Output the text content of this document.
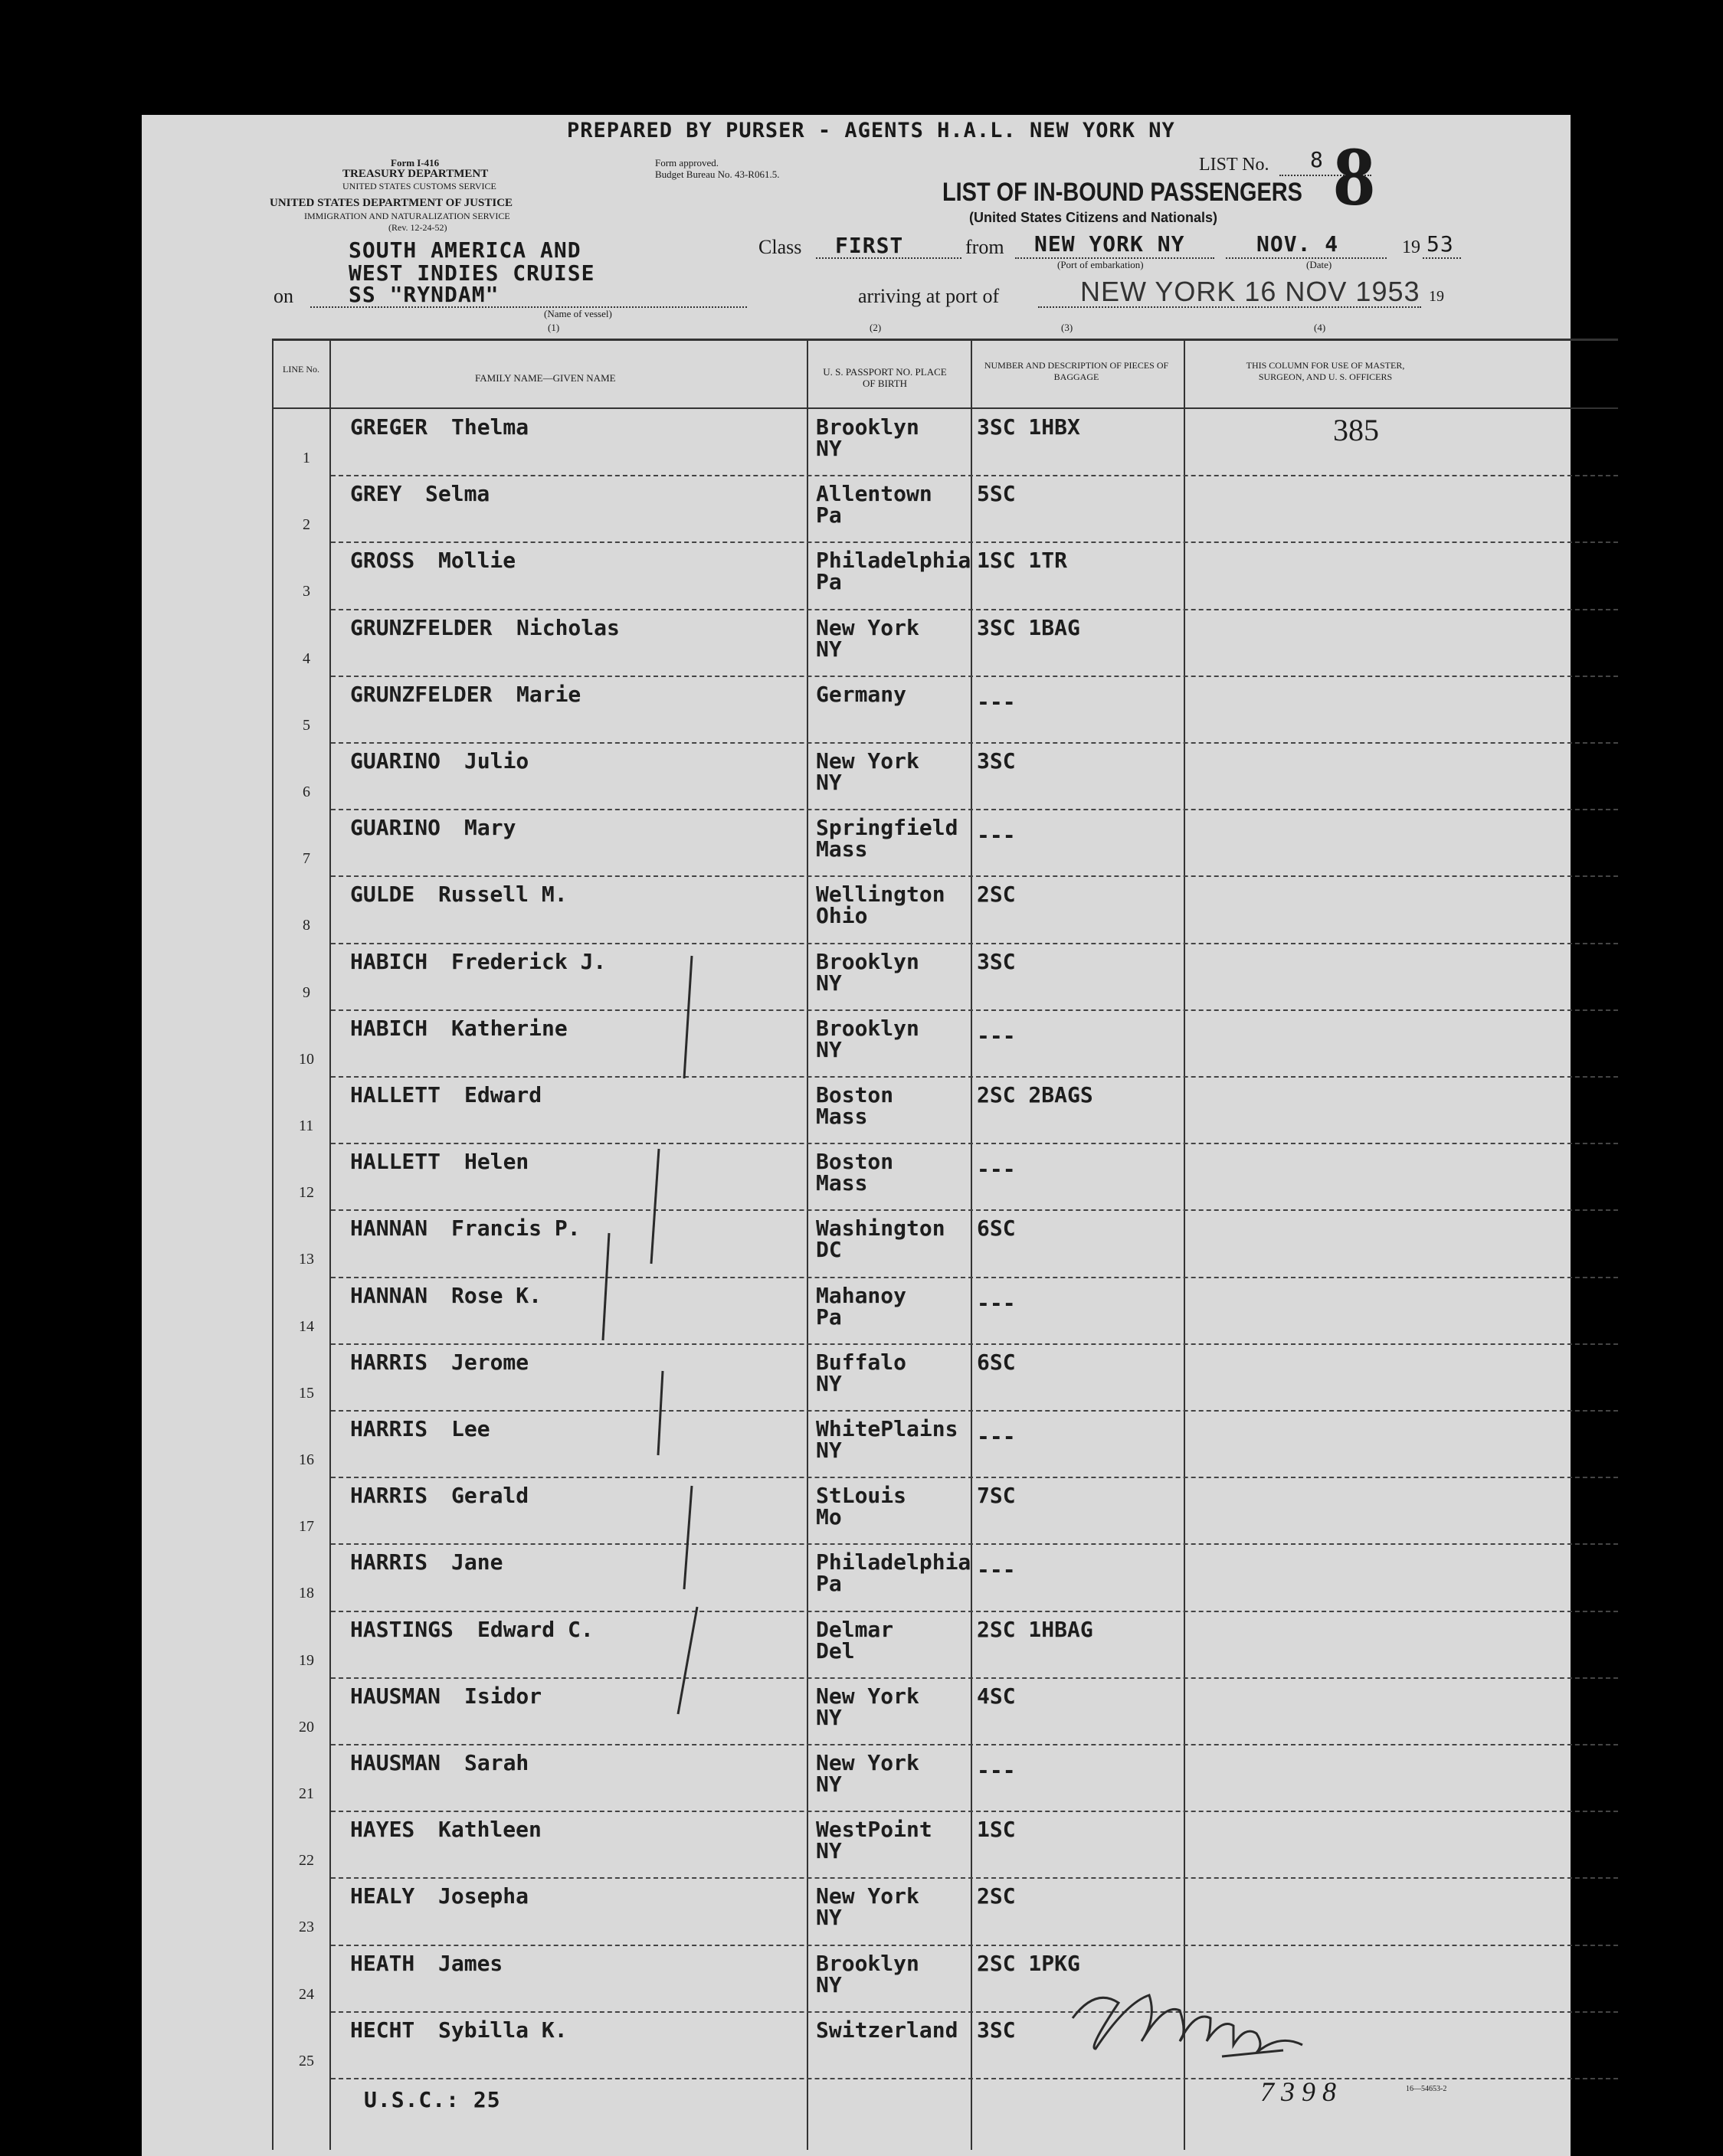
PREPARED BY PURSER - AGENTS H.A.L. NEW YORK NY
Form I-416
TREASURY DEPARTMENT
UNITED STATES CUSTOMS SERVICE
UNITED STATES DEPARTMENT OF JUSTICE
IMMIGRATION AND NATURALIZATION SERVICE
(Rev. 12-24-52)
Form approved.
Budget Bureau No. 43-R061.5.	LIST No. 8 8
LIST OF IN-BOUND PASSENGERS
(United States Citizens and Nationals)
SOUTH AMERICA AND
WEST INDIES CRUISE
on	SS "RYNDAM"
(Name of vessel)
(1)
Class FIRST	from NEW YORK NY
(Port of embarkation)
NOV. 4
(Date)
19 53
arriving at port of	NEW YORK 16 NOV 1953 19
(2)	(3)	(4)
LINE No.
FAMILY NAME—GIVEN NAME
U. S. PASSPORT NO. PLACE OF BIRTH
NUMBER AND DESCRIPTION OF PIECES OF BAGGAGE
THIS COLUMN FOR USE OF MASTER, SURGEON, AND U. S. OFFICERS
1
GREGER Thelma	Brooklyn
NY
3SC 1HBX	385
2
GREY Selma	Allentown
Pa
5SC
3
GROSS Mollie	Philadelphia
Pa
1SC 1TR
4
GRUNZFELDER Nicholas	New York
NY
3SC 1BAG
5
GRUNZFELDER Marie	Germany	---
6
GUARINO Julio	New York
NY
3SC
7
GUARINO Mary	Springfield
Mass
---
8
GULDE Russell M.	Wellington
Ohio
2SC
9
HABICH Frederick J.	Brooklyn
NY
3SC
10
HABICH Katherine	Brooklyn
NY
---
11
HALLETT Edward	Boston
Mass
2SC 2BAGS
12
HALLETT Helen	Boston
Mass
---
13
HANNAN Francis P.	Washington
DC
6SC
14
HANNAN Rose K.	Mahanoy
Pa
---
15
HARRIS Jerome	Buffalo
NY
6SC
16
HARRIS Lee	WhitePlains
NY
---
17
HARRIS Gerald	StLouis
Mo
7SC
18
HARRIS Jane	Philadelphia
Pa
---
19
HASTINGS Edward C.	Delmar
Del
2SC 1HBAG
20
HAUSMAN Isidor	New York
NY
4SC
21
HAUSMAN Sarah	New York
NY
---
22
HAYES Kathleen	WestPoint
NY
1SC
23
HEALY Josepha	New York
NY
2SC
24
HEATH James	Brooklyn
NY
2SC 1PKG
25
HECHT Sybilla K.	Switzerland 3SC
U.S.C.: 25	7 3 9 8	16—54653-2
